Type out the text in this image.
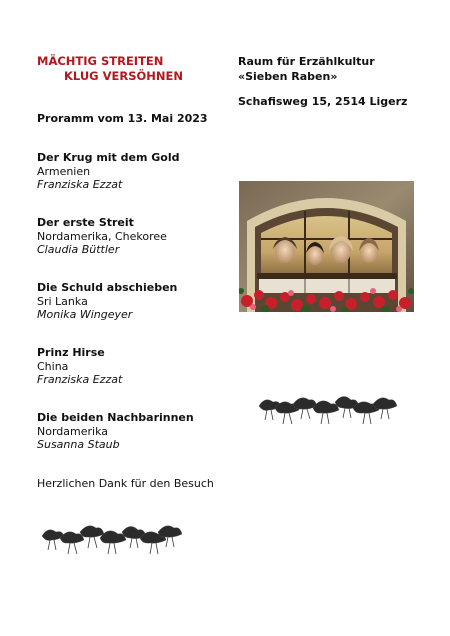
MÄCHTIG STREITEN
KLUG VERSÖHNEN
Raum für Erzählkultur
«Sieben Raben»
Schafisweg 15, 2514 Ligerz
Proramm vom 13. Mai 2023
Der Krug mit dem Gold
Armenien
Franziska Ezzat
Der erste Streit
Nordamerika, Chekoree
Claudia Büttler
Die Schuld abschieben
Sri Lanka
Monika Wingeyer
Prinz Hirse
China
Franziska Ezzat
Die beiden Nachbarinnen
Nordamerika
Susanna Staub
Herzlichen Dank für den Besuch
